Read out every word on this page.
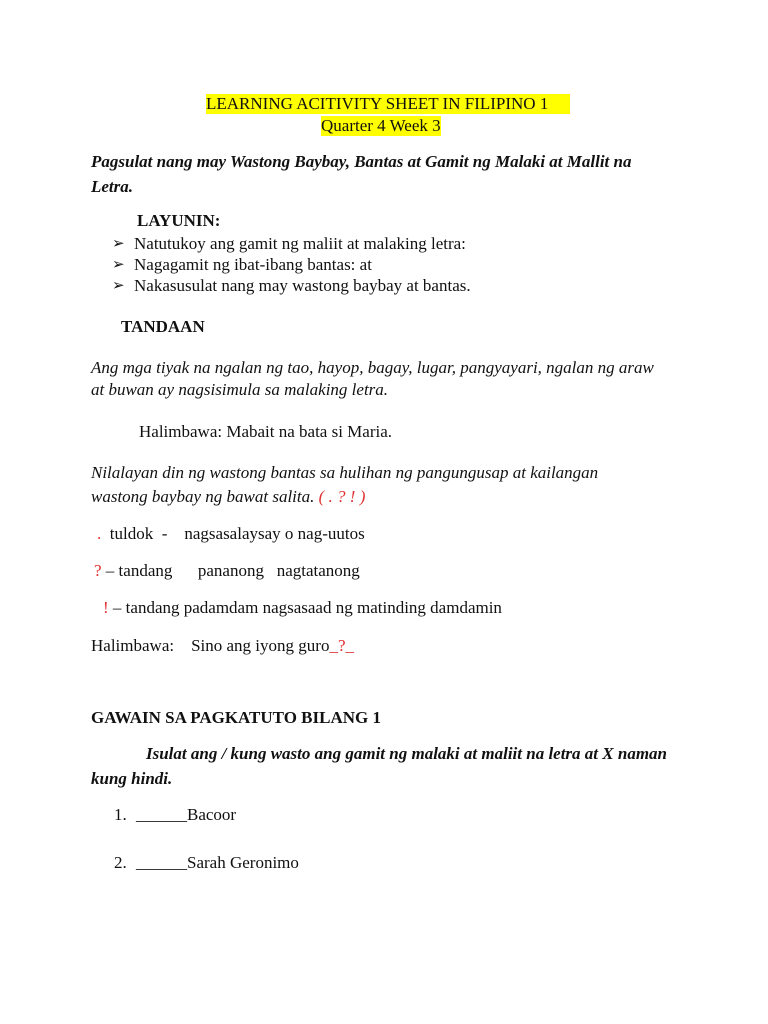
LEARNING ACITIVITY SHEET IN FILIPINO 1
Quarter 4 Week 3
Pagsulat nang may Wastong Baybay, Bantas at Gamit ng Malaki at Mallit na
Letra.
LAYUNIN:
➢ Natutukoy ang gamit ng maliit at malaking letra:
➢ Nagagamit ng ibat-ibang bantas: at
➢ Nakasusulat nang may wastong baybay at bantas.
TANDAAN
Ang mga tiyak na ngalan ng tao, hayop, bagay, lugar, pangyayari, ngalan ng araw
at buwan ay nagsisimula sa malaking letra.
Halimbawa: Mabait na bata si Maria.
Nilalayan din ng wastong bantas sa hulihan ng pangungusap at kailangan
wastong baybay ng bawat salita. ( . ? ! )
.  tuldok  -    nagsasalaysay o nag-uutos
? – tandang      pananong   nagtatanong
! – tandang padamdam nagsasaad ng matinding damdamin
Halimbawa:    Sino ang iyong guro_?_
GAWAIN SA PAGKATUTO BILANG 1
Isulat ang / kung wasto ang gamit ng malaki at maliit na letra at X naman
kung hindi.
1. ______Bacoor
2. ______Sarah Geronimo
